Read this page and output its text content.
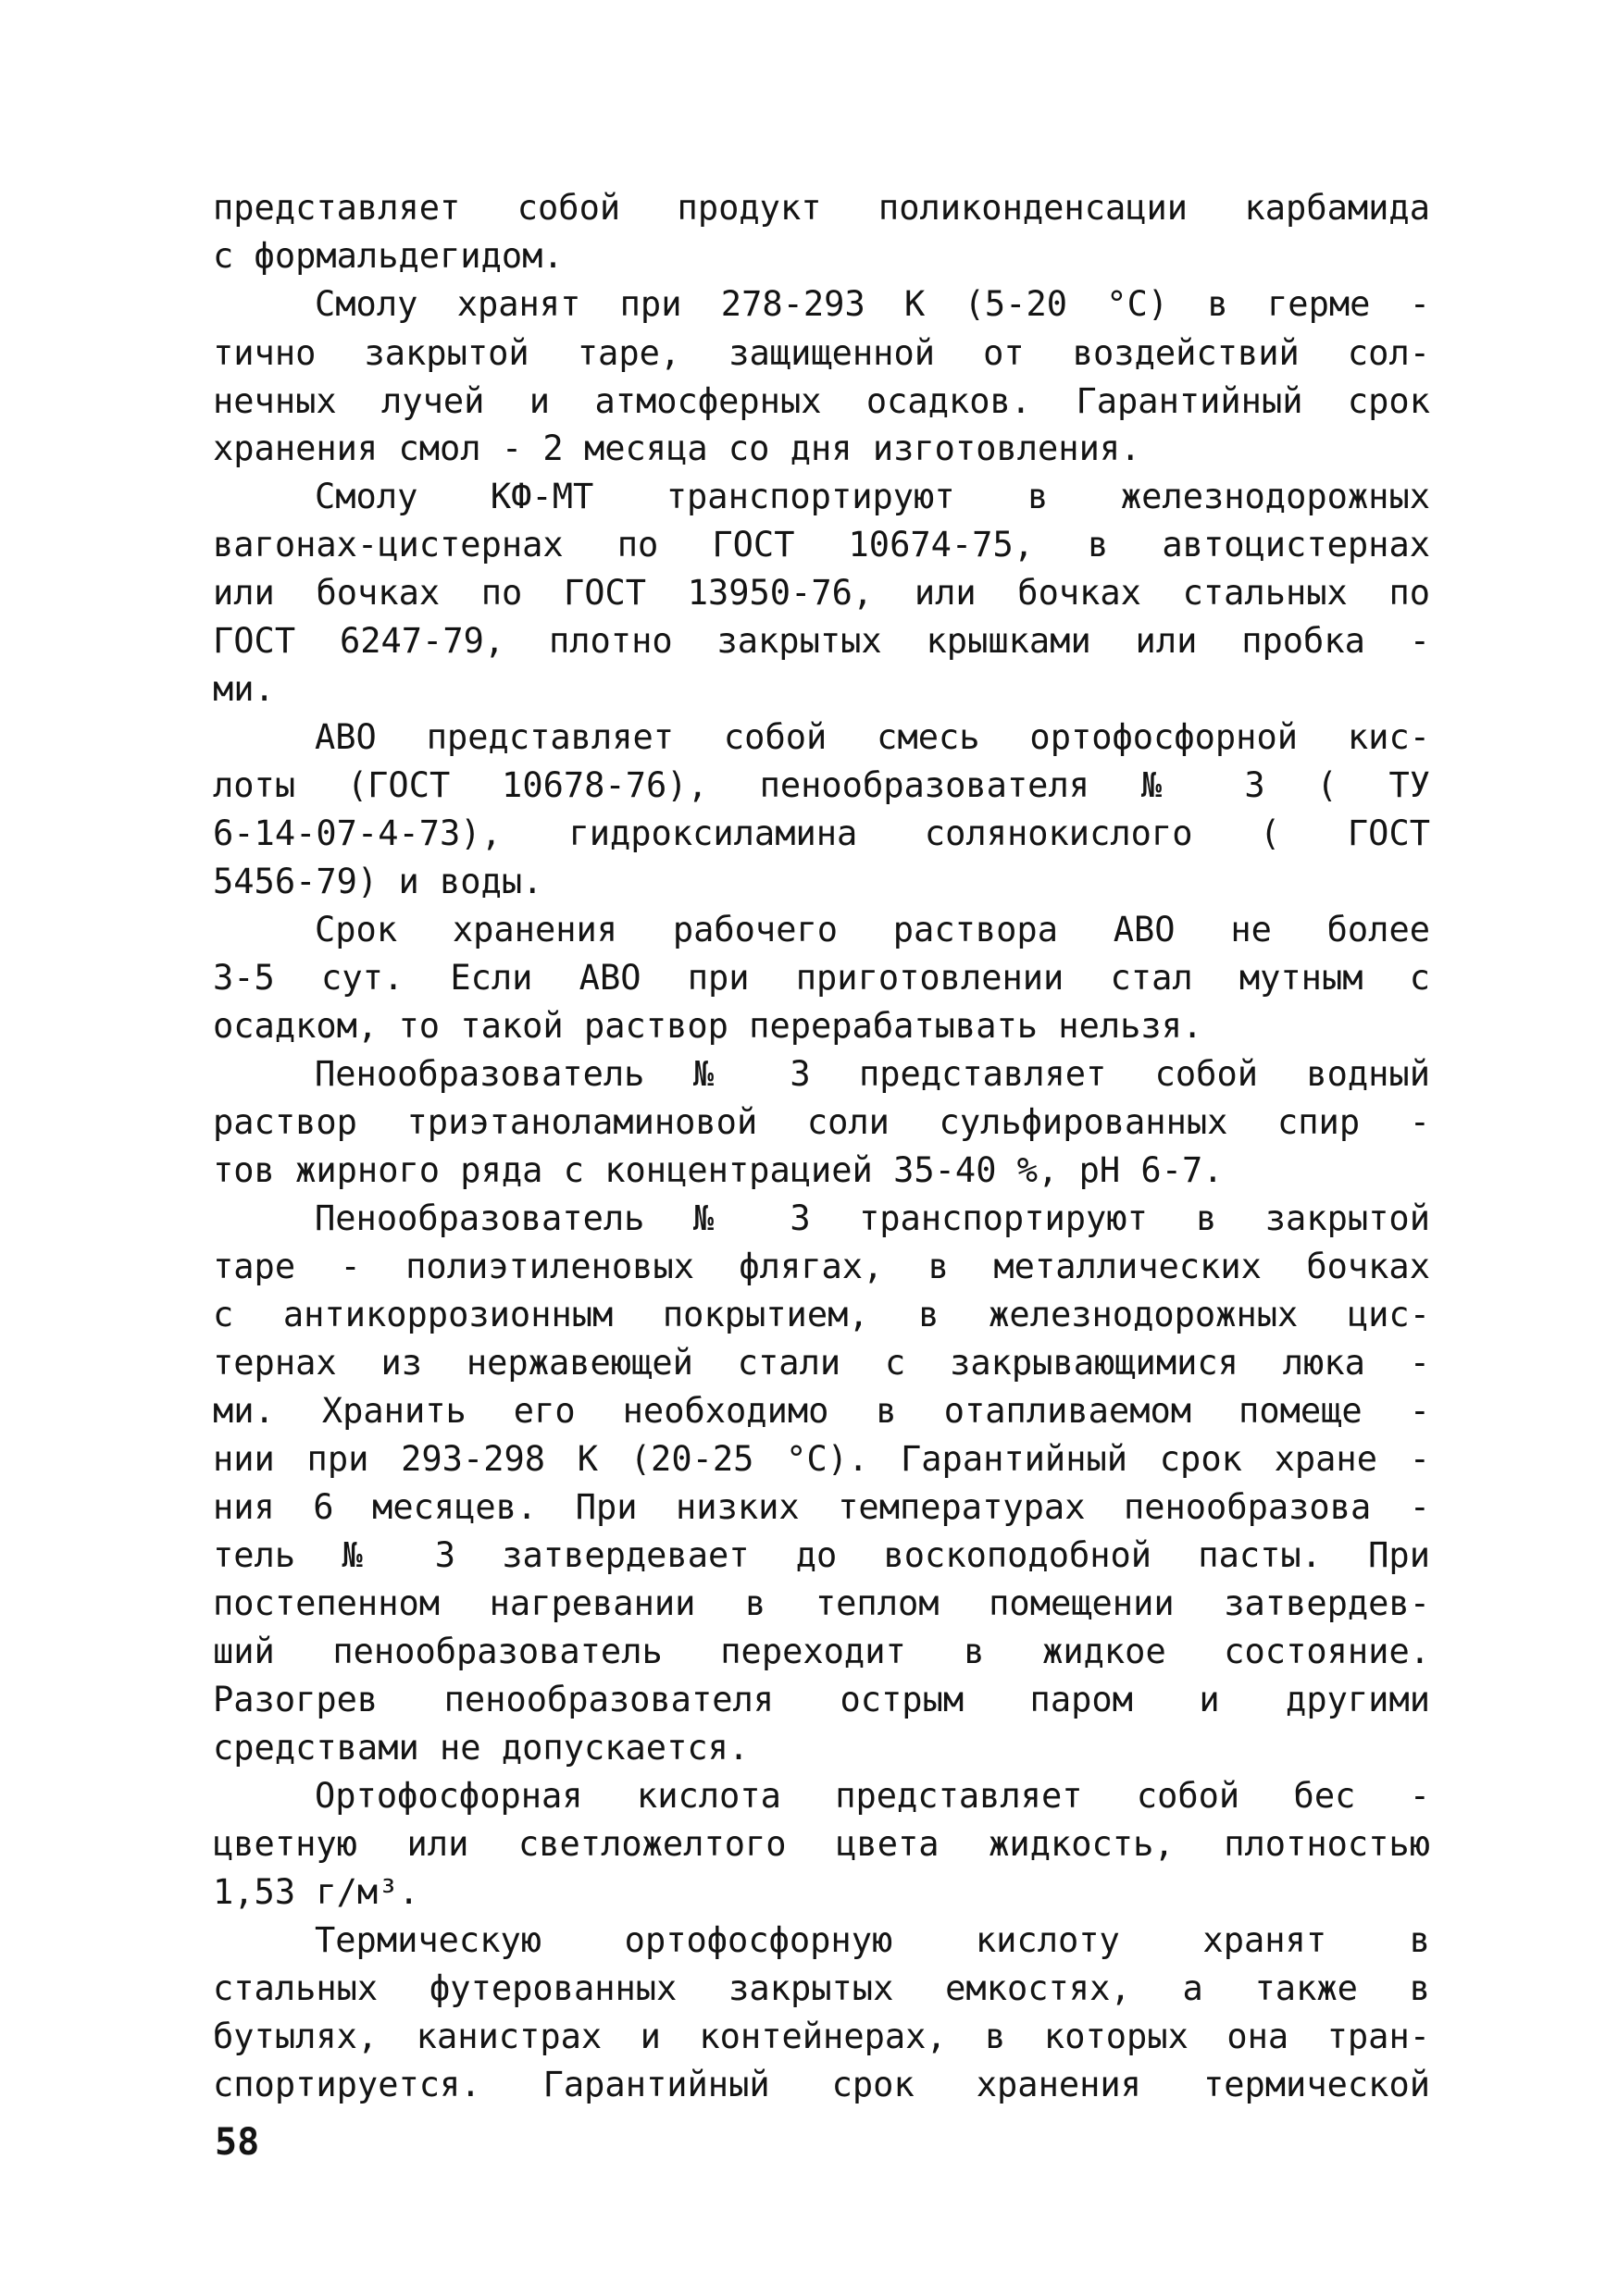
представляет собой продукт поликонденсации карбамида
с формальдегидом.
Смолу хранят при 278-293 К (5-20 °С) в герме -
тично закрытой таре, защищенной от воздействий сол-
нечных лучей и атмосферных осадков. Гарантийный срок
хранения смол - 2 месяца со дня изготовления.
Смолу КФ-МТ транспортируют в железнодорожных
вагонах-цистернах по ГОСТ 10674-75, в автоцистернах
или бочках по ГОСТ 13950-76, или бочках стальных по
ГОСТ 6247-79, плотно закрытых крышками или пробка -
ми.
АВО представляет собой смесь ортофосфорной кис-
лоты (ГОСТ 10678-76), пенообразователя № 3 ( ТУ
6-14-07-4-73), гидроксиламина солянокислого ( ГОСТ
5456-79) и воды.
Срок хранения рабочего раствора АВО не более
3-5 сут. Если АВО при приготовлении стал мутным с
осадком, то такой раствор перерабатывать нельзя.
Пенообразователь № 3 представляет собой водный
раствор триэтаноламиновой соли сульфированных спир -
тов жирного ряда с концентрацией 35-40 %, рН 6-7.
Пенообразователь № 3 транспортируют в закрытой
таре - полиэтиленовых флягах, в металлических бочках
с антикоррозионным покрытием, в железнодорожных цис-
тернах из нержавеющей стали с закрывающимися люка -
ми. Хранить его необходимо в отапливаемом помеще -
нии при 293-298 К (20-25 °С). Гарантийный срок хране -
ния 6 месяцев. При низких температурах пенообразова -
тель № 3 затвердевает до воскоподобной пасты. При
постепенном нагревании в теплом помещении затвердев-
ший пенообразователь переходит в жидкое состояние.
Разогрев пенообразователя острым паром и другими
средствами не допускается.
Ортофосфорная кислота представляет собой бес -
цветную или светложелтого цвета жидкость, плотностью
1,53 г/м³.
Термическую ортофосфорную кислоту хранят в
стальных футерованных закрытых емкостях, а также в
бутылях, канистрах и контейнерах, в которых она тран-
спортируется. Гарантийный срок хранения термической
58
